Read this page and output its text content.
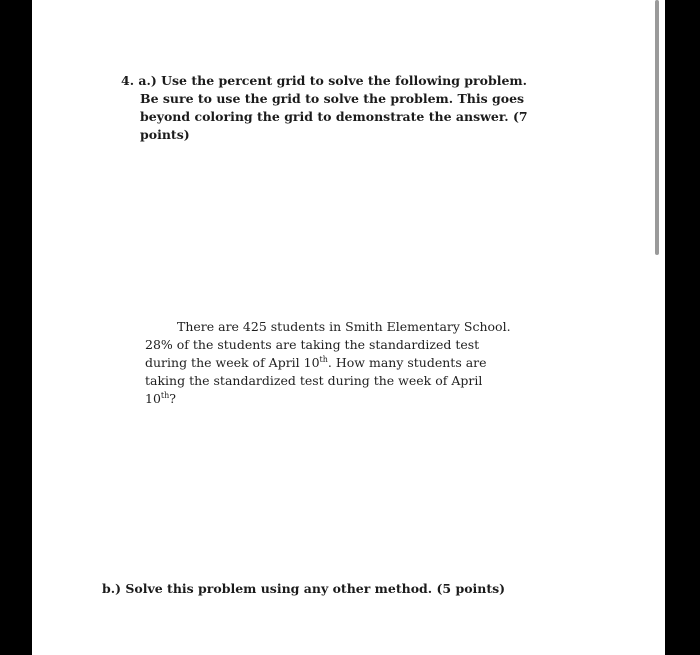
4. a.) Use the percent grid to solve the following problem.
Be sure to use the grid to solve the problem. This goes
beyond coloring the grid to demonstrate the answer. (7
points)
There are 425 students in Smith Elementary School.
28% of the students are taking the standardized test
during the week of April 10th. How many students are
taking the standardized test during the week of April
10th?
b.) Solve this problem using any other method. (5 points)
